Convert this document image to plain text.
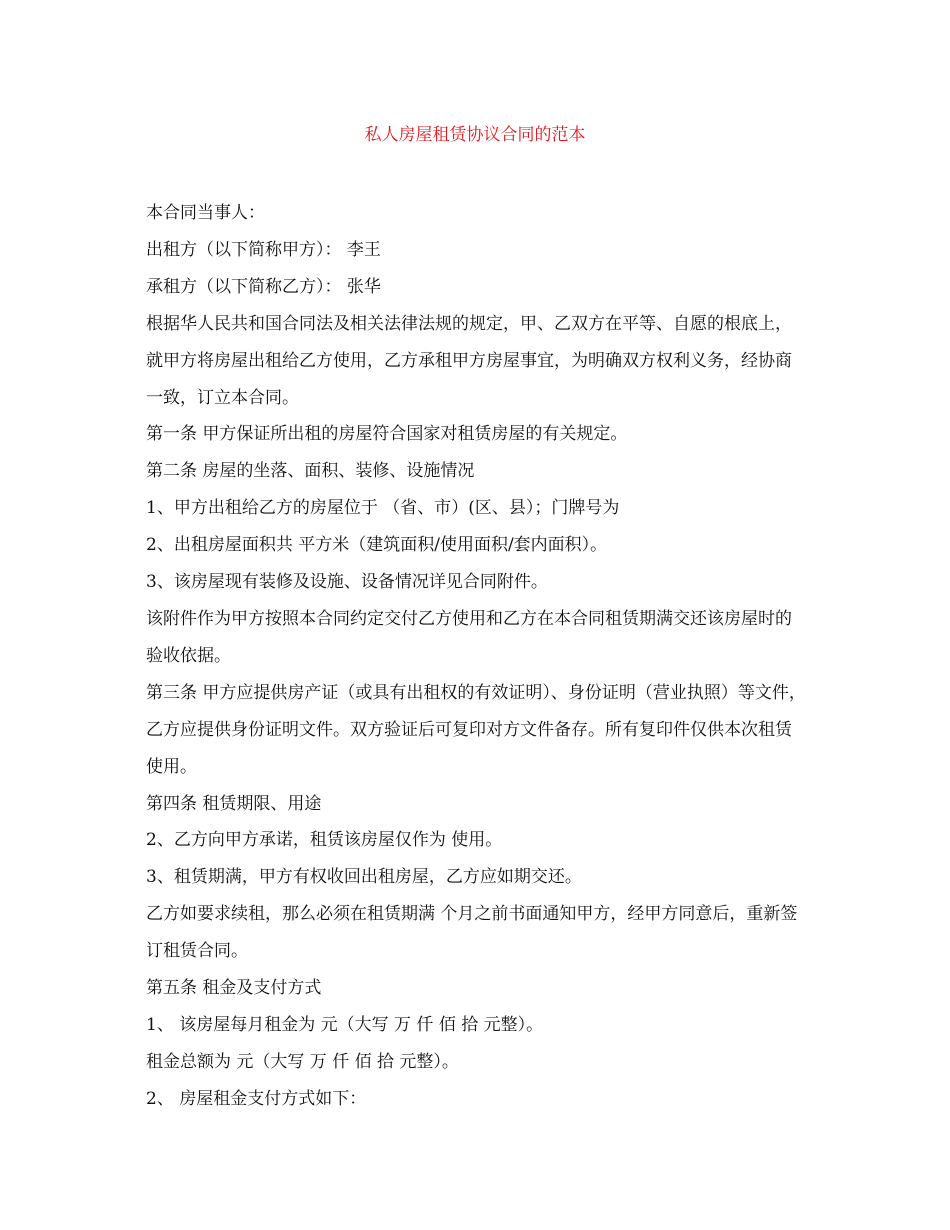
私人房屋租赁协议合同的范本

本合同当事人：

出租方（以下简称甲方）： 李王

承租方（以下简称乙方）： 张华

根据华人民共和国合同法及相关法律法规的规定，甲、乙双方在平等、自愿的根底上，就甲方将房屋出租给乙方使用，乙方承租甲方房屋事宜，为明确双方权利义务，经协商一致，订立本合同。

第一条 甲方保证所出租的房屋符合国家对租赁房屋的有关规定。

第二条 房屋的坐落、面积、装修、设施情况

1、甲方出租给乙方的房屋位于 （省、市）(区、县）；门牌号为

2、出租房屋面积共 平方米（建筑面积/使用面积/套内面积）。

3、该房屋现有装修及设施、设备情况详见合同附件。

该附件作为甲方按照本合同约定交付乙方使用和乙方在本合同租赁期满交还该房屋时的验收依据。

第三条 甲方应提供房产证（或具有出租权的有效证明）、身份证明（营业执照）等文件，乙方应提供身份证明文件。双方验证后可复印对方文件备存。所有复印件仅供本次租赁使用。

第四条 租赁期限、用途

2、乙方向甲方承诺，租赁该房屋仅作为 使用。

3、租赁期满，甲方有权收回出租房屋，乙方应如期交还。

乙方如要求续租，那么必须在租赁期满 个月之前书面通知甲方，经甲方同意后，重新签订租赁合同。

第五条 租金及支付方式

1、 该房屋每月租金为 元（大写 万 仟 佰 拾 元整）。

租金总额为 元（大写 万 仟 佰 拾 元整）。

2、 房屋租金支付方式如下：
